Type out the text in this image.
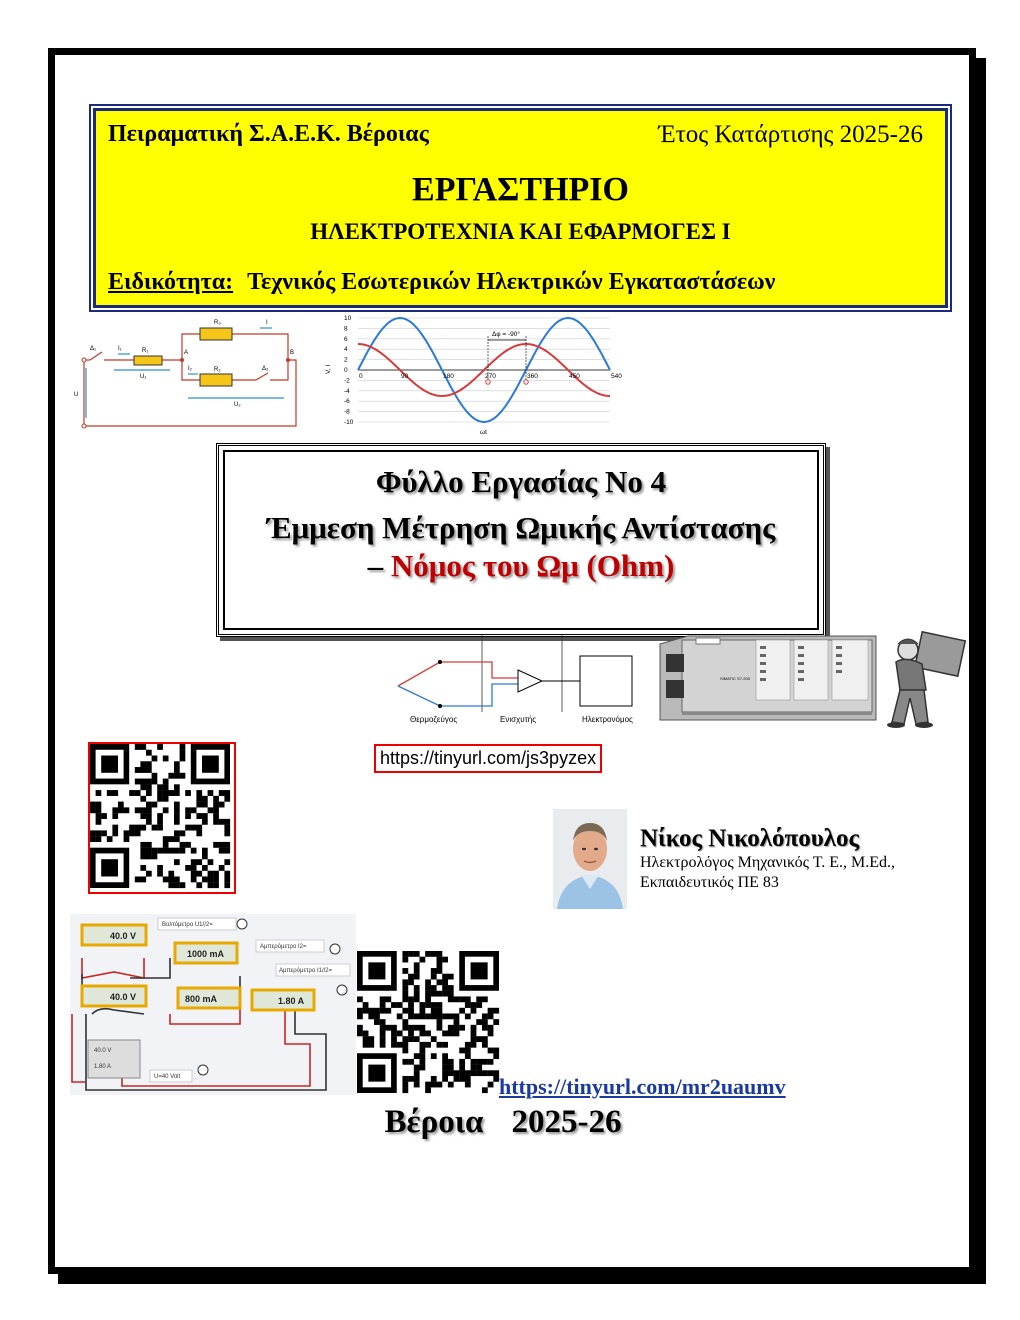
Πειραματική Σ.Α.Ε.Κ. Βέροιας	Έτος Κατάρτισης 2025-26
ΕΡΓΑΣΤΗΡΙΟ
ΗΛΕΚΤΡΟΤΕΧΝΙΑ ΚΑΙ ΕΦΑΡΜΟΓΕΣ Ι
Ειδικότητα: Τεχνικός Εσωτερικών Ηλεκτρικών Εγκαταστάσεων
Δ₁	I₁	R₁	A
R₃	I
B
I₂	R₂	Δ₂
U
U₁
U₂
10
8
6
4
2
0
-2
-4
-6
-8
-10
0	90	180	270	360	450	540
Δφ = -90°
V, I
ωt
Φύλλο Εργασίας Νο 4
Έμμεση Μέτρηση Ωμικής Αντίστασης
– Νόμος του Ωμ (Ohm)
Θερμοζεύγος	Ενισχυτής	Ηλεκτρονόμος
SIMATIC S7-200
https://tinyurl.com/js3pyzex
Νίκος Νικολόπουλος
Ηλεκτρολόγος Μηχανικός Τ. Ε., M.Ed.,
Εκπαιδευτικός ΠΕ 83
40.0 V
1000 mA
40.0 V	800 mA	1.80 A
Βολτόμετρο U1//2=
Αμπερόμετρο I2=
Αμπερόμετρο I1//2=
40.0 V
1.80 A
U=40 Volt	https://tinyurl.com/mr2uaumv
Βέροια 2025-26
